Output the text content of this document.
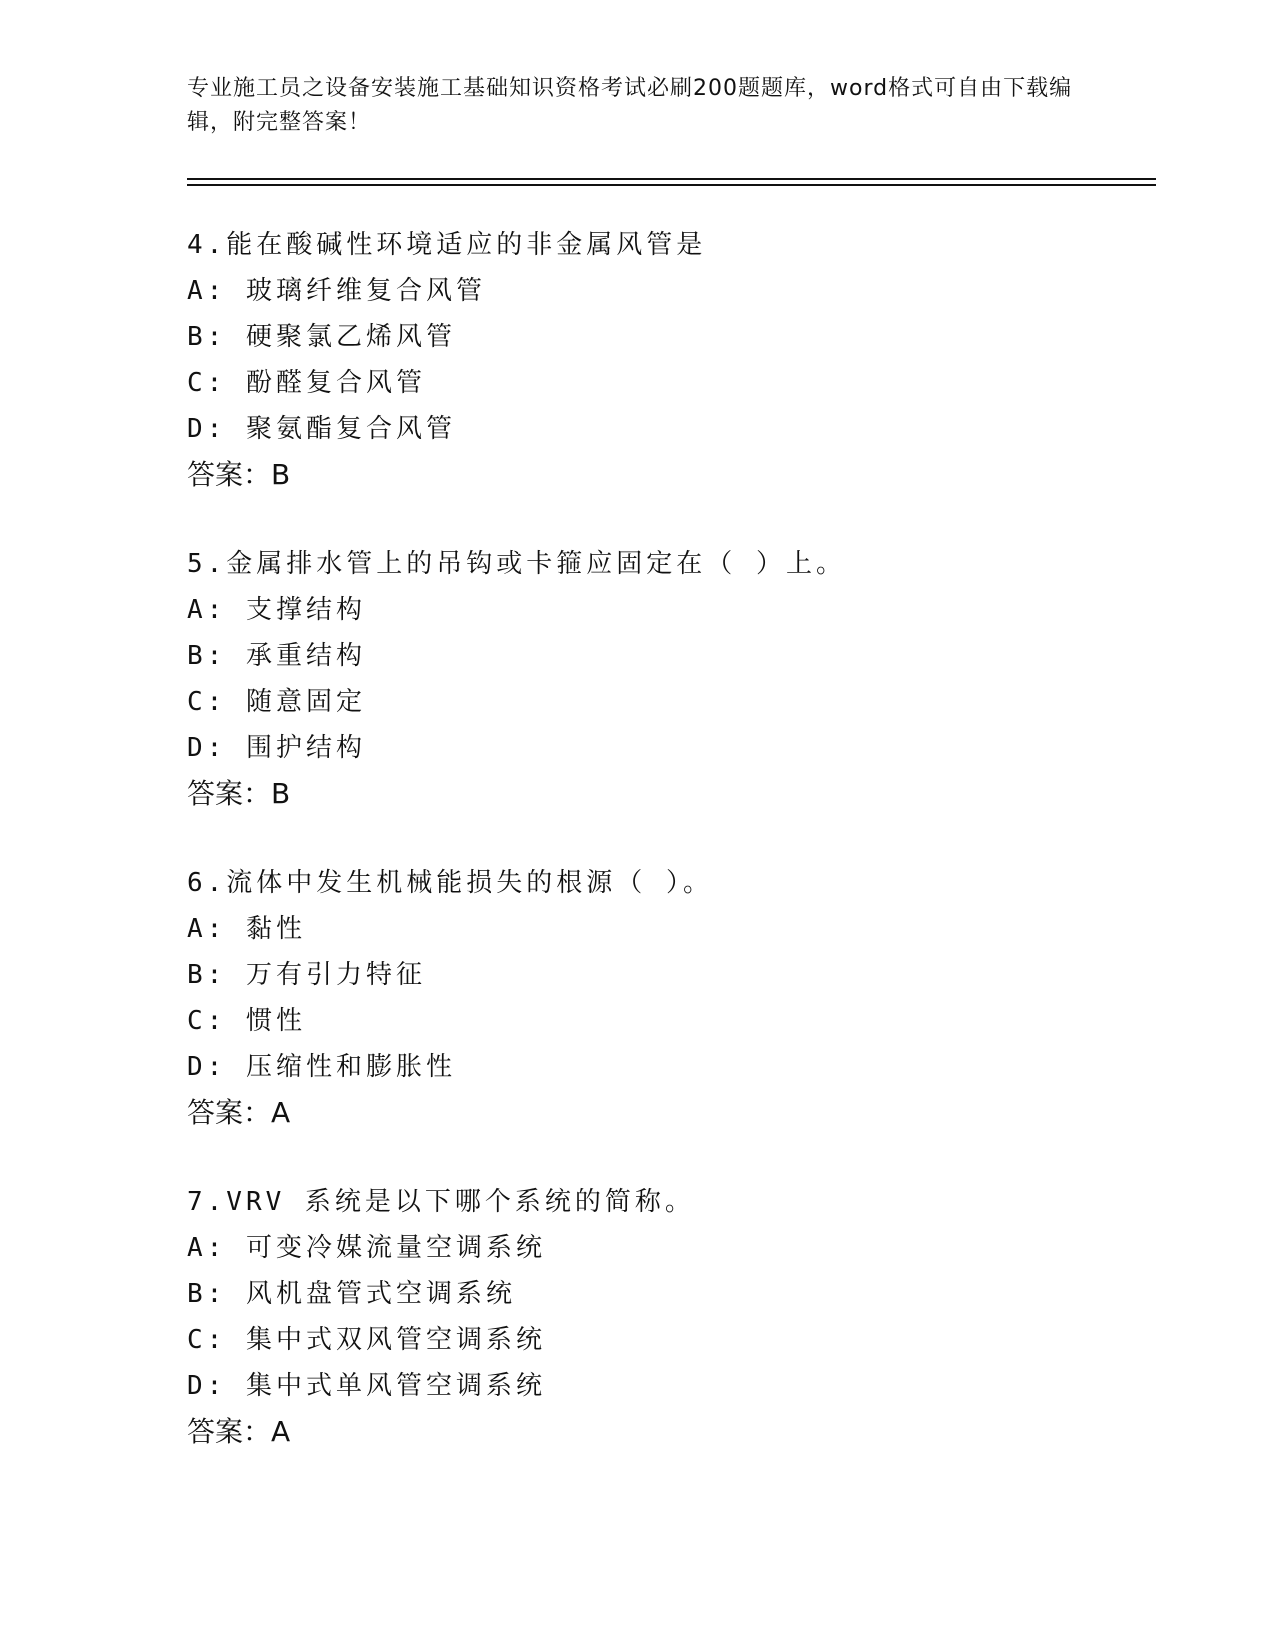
专业施工员之设备安装施工基础知识资格考试必刷200题题库，word格式可自由下载编辑，附完整答案！
4.能在酸碱性环境适应的非金属风管是
A: 玻璃纤维复合风管
B: 硬聚氯乙烯风管
C: 酚醛复合风管
D: 聚氨酯复合风管
答案：B
5.金属排水管上的吊钩或卡箍应固定在（ ）上。
A: 支撑结构
B: 承重结构
C: 随意固定
D: 围护结构
答案：B
6.流体中发生机械能损失的根源（ ）。
A: 黏性
B: 万有引力特征
C: 惯性
D: 压缩性和膨胀性
答案：A
7.VRV 系统是以下哪个系统的简称。
A: 可变冷媒流量空调系统
B: 风机盘管式空调系统
C: 集中式双风管空调系统
D: 集中式单风管空调系统
答案：A
